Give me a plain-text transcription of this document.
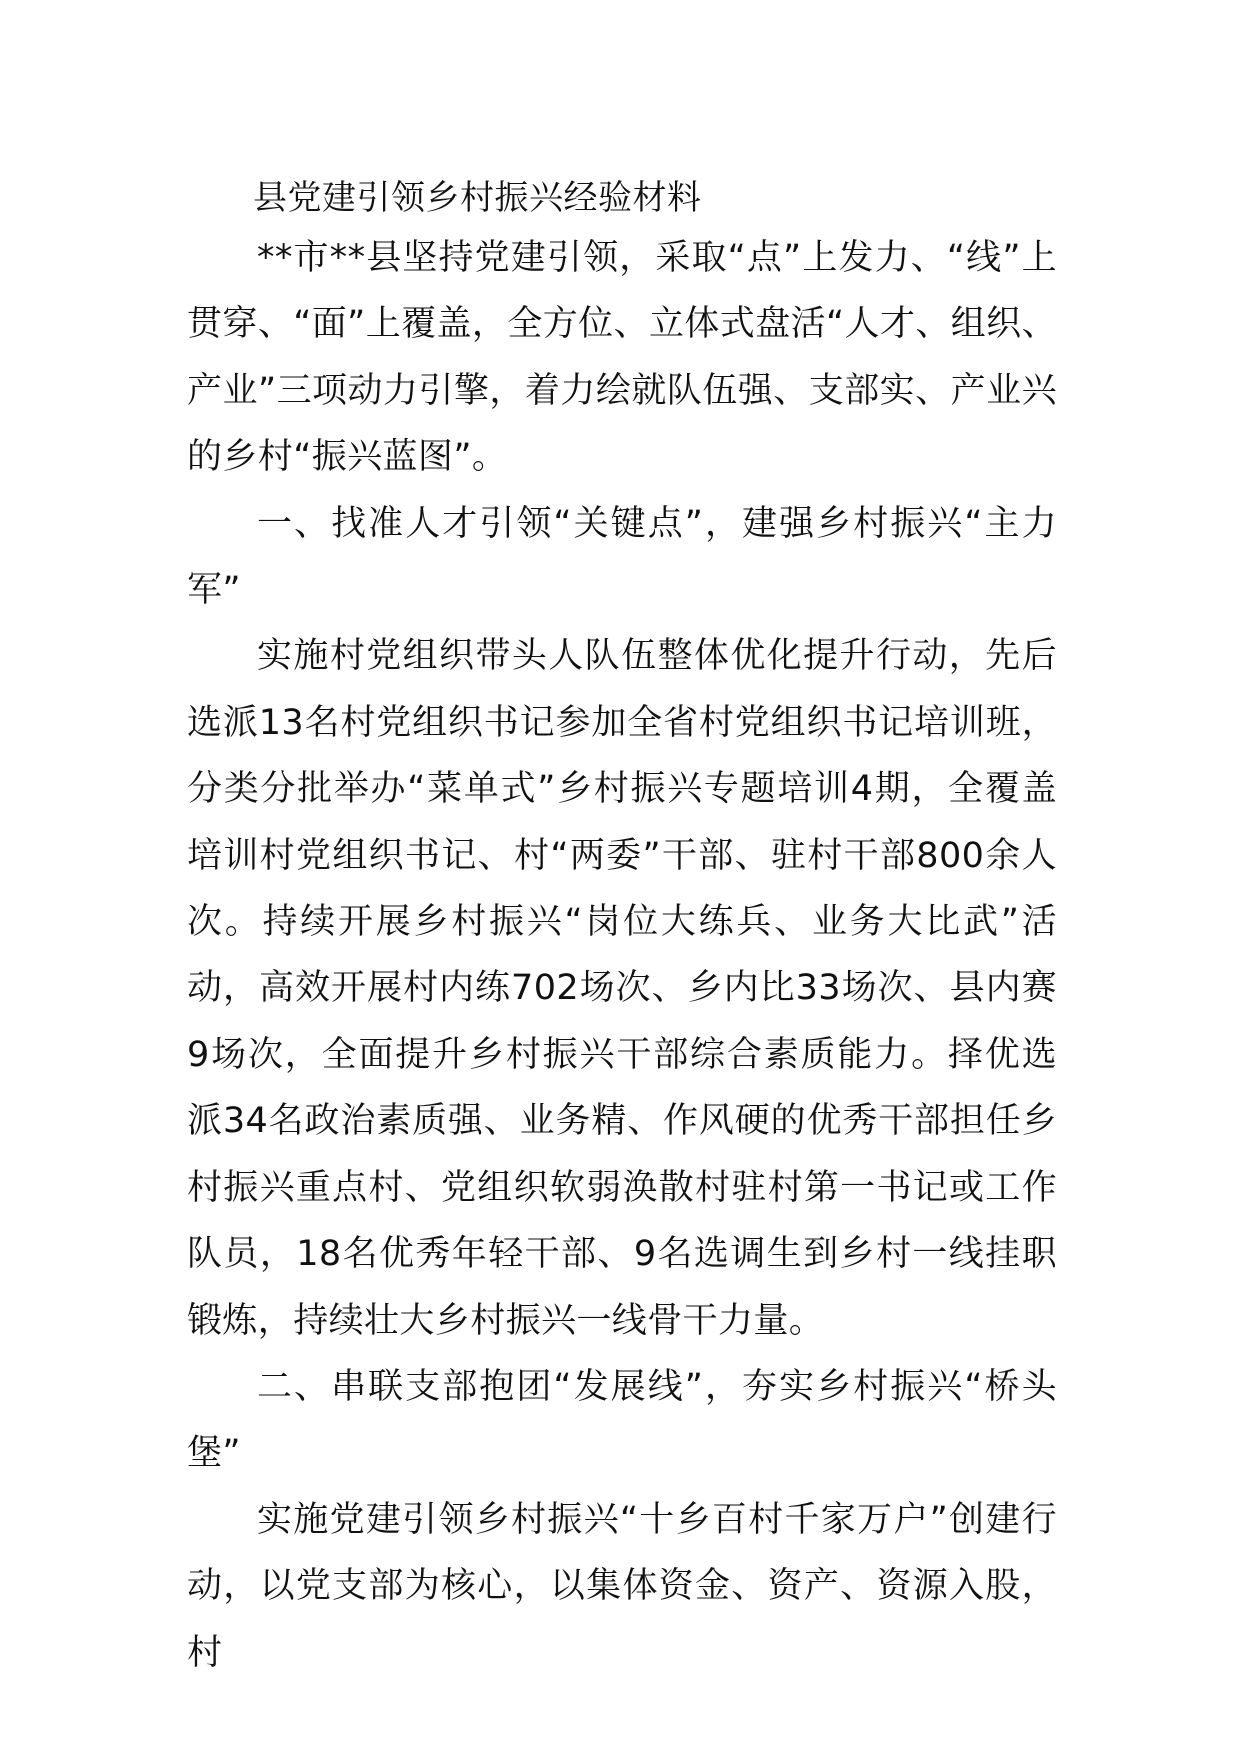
县党建引领乡村振兴经验材料

**市**县坚持党建引领，采取“点”上发力、“线”上贯穿、“面”上覆盖，全方位、立体式盘活“人才、组织、产业”三项动力引擎，着力绘就队伍强、支部实、产业兴的乡村“振兴蓝图”。

一、找准人才引领“关键点”，建强乡村振兴“主力军”

实施村党组织带头人队伍整体优化提升行动，先后选派13名村党组织书记参加全省村党组织书记培训班，分类分批举办“菜单式”乡村振兴专题培训4期，全覆盖培训村党组织书记、村“两委”干部、驻村干部800余人次。持续开展乡村振兴“岗位大练兵、业务大比武”活动，高效开展村内练702场次、乡内比33场次、县内赛9场次，全面提升乡村振兴干部综合素质能力。择优选派34名政治素质强、业务精、作风硬的优秀干部担任乡村振兴重点村、党组织软弱涣散村驻村第一书记或工作队员，18名优秀年轻干部、9名选调生到乡村一线挂职锻炼，持续壮大乡村振兴一线骨干力量。

二、串联支部抱团“发展线”，夯实乡村振兴“桥头堡”

实施党建引领乡村振兴“十乡百村千家万户”创建行动，以党支部为核心，以集体资金、资产、资源入股，村
